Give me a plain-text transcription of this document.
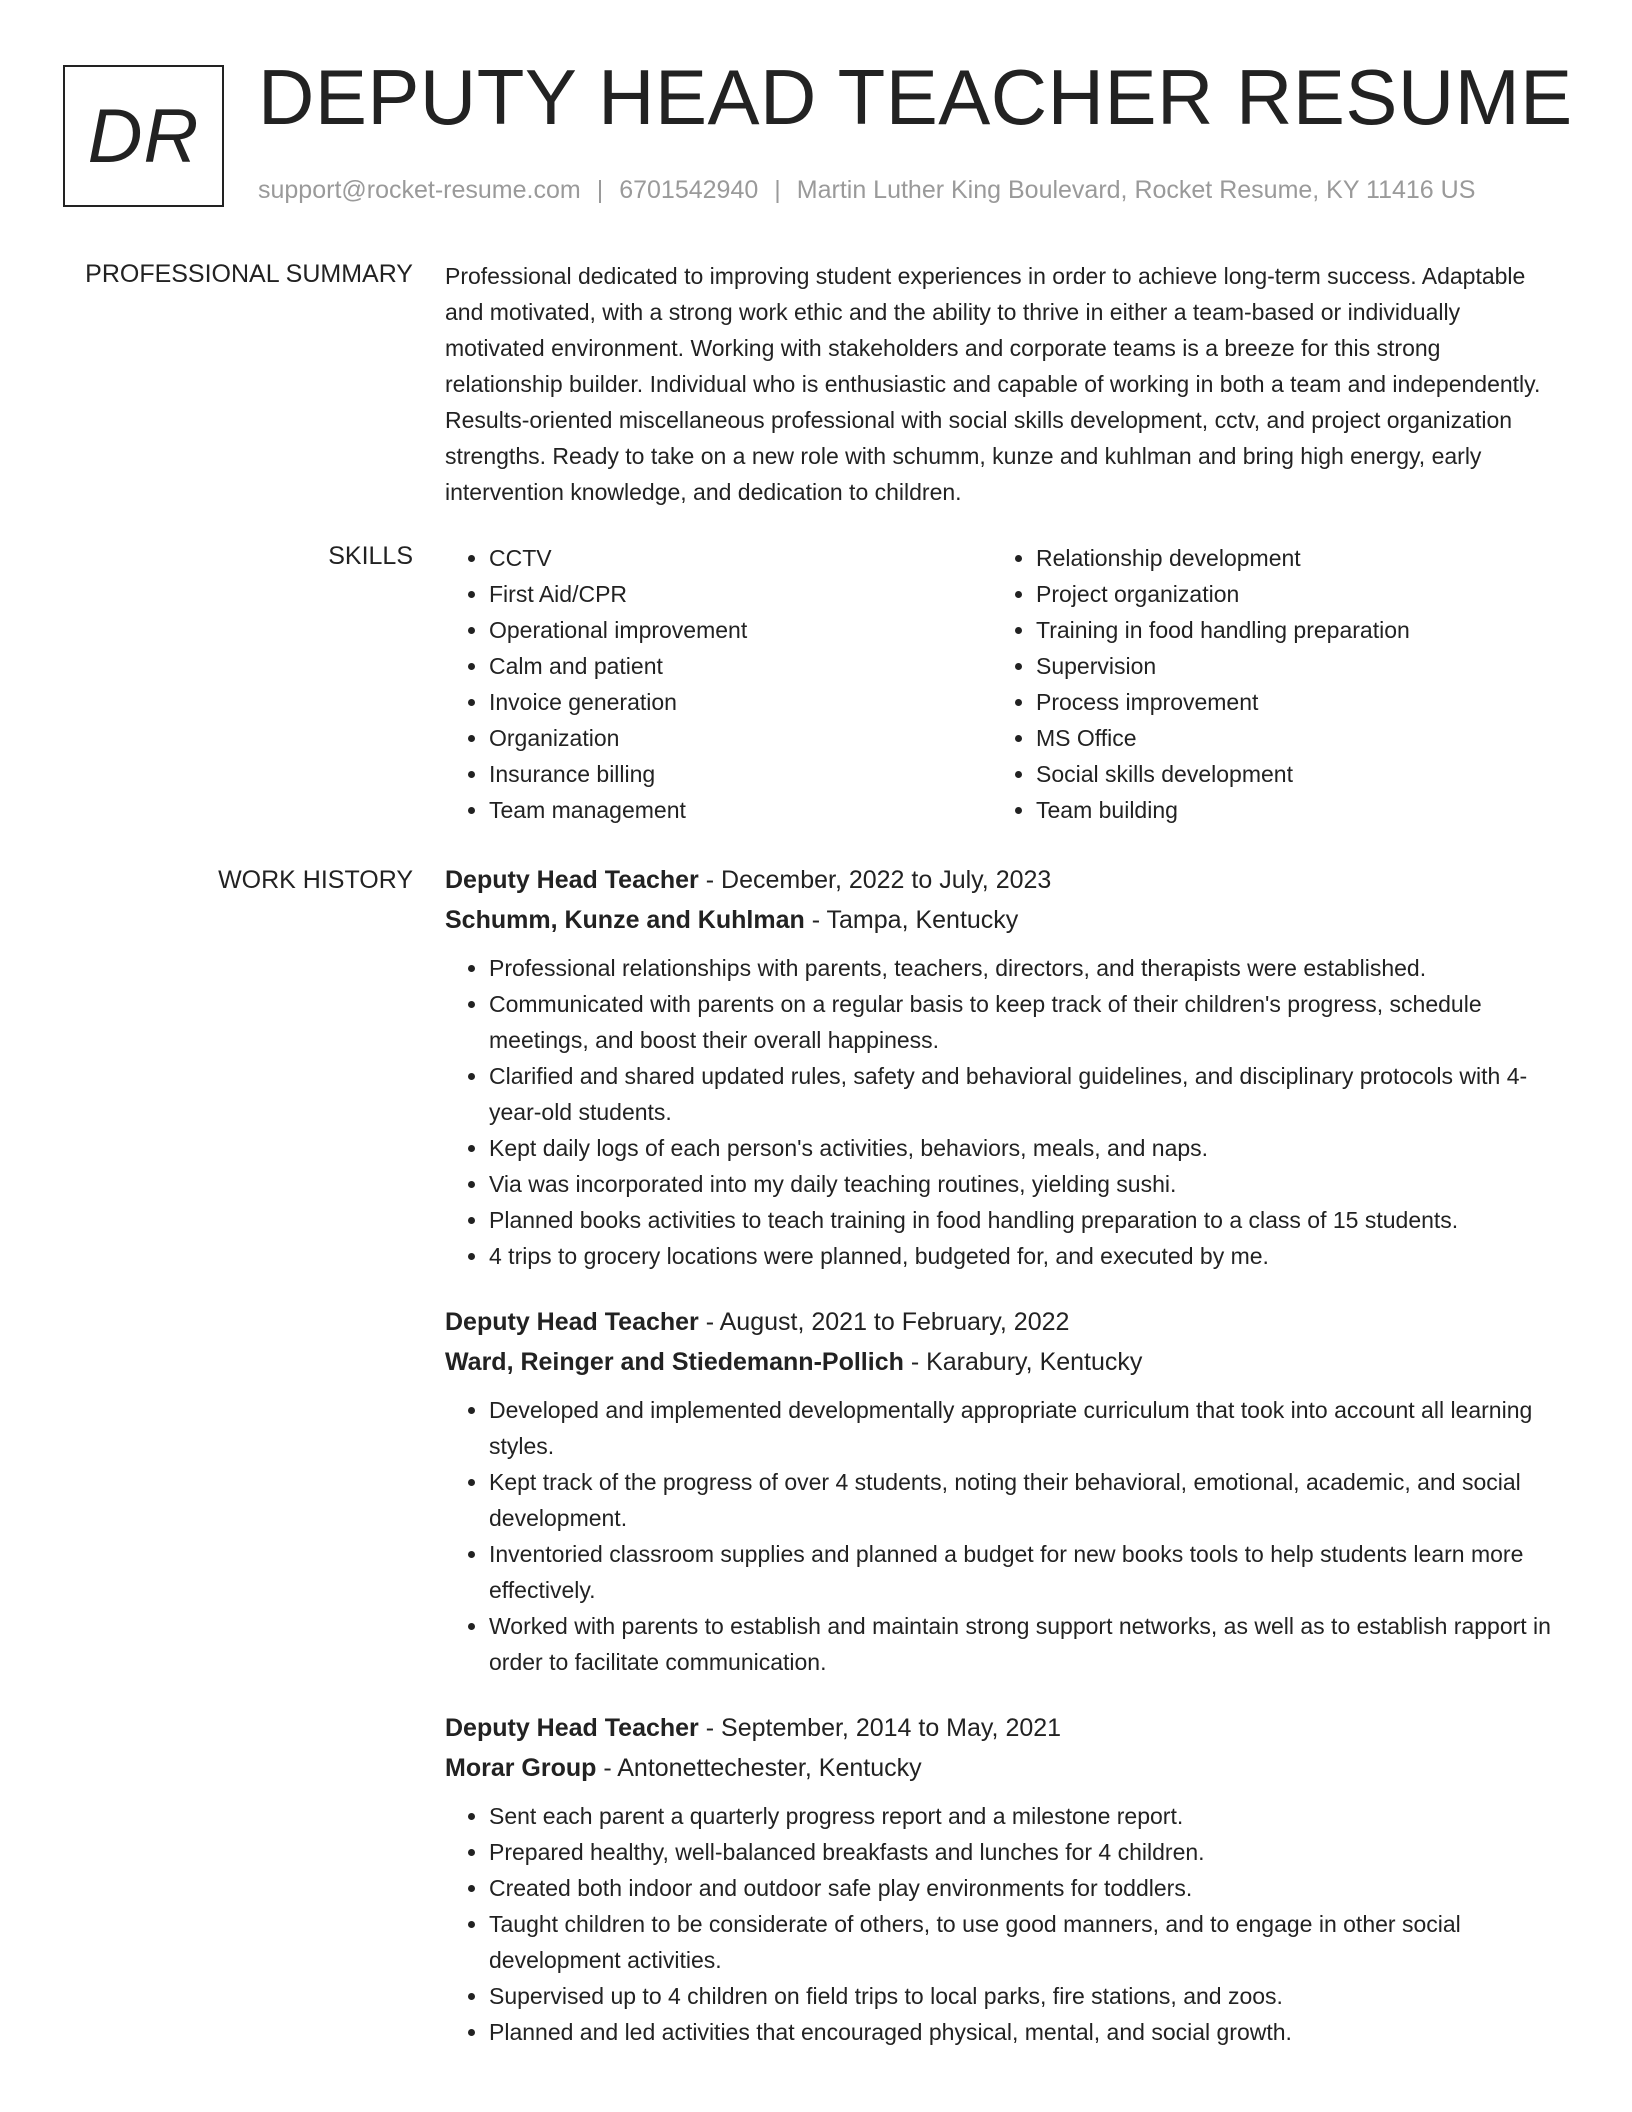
DR DEPUTY HEAD TEACHER RESUME
support@rocket-resume.com | 6701542940 | Martin Luther King Boulevard, Rocket Resume, KY 11416 US
PROFESSIONAL SUMMARY Professional dedicated to improving student experiences in order to achieve long-term success. Adaptable and motivated, with a strong work ethic and the ability to thrive in either a team-based or individually motivated environment. Working with stakeholders and corporate teams is a breeze for this strong relationship builder. Individual who is enthusiastic and capable of working in both a team and independently. Results-oriented miscellaneous professional with social skills development, cctv, and project organization strengths. Ready to take on a new role with schumm, kunze and kuhlman and bring high energy, early intervention knowledge, and dedication to children.

SKILLS
•	CCTV
• First Aid/CPR
• Operational improvement
• Calm and patient
• Invoice generation
• Organization
• Insurance billing
• Team management
• Relationship development
• Project organization
• Training in food handling preparation
• Supervision
• Process improvement
• MS Office
• Social skills development
• Team building
WORK HISTORY Deputy Head Teacher - December, 2022 to July, 2023
Schumm, Kunze and Kuhlman - Tampa, Kentucky
• Professional relationships with parents, teachers, directors, and therapists were established.
• Communicated with parents on a regular basis to keep track of their children's progress, schedule meetings, and boost their overall happiness.
• Clarified and shared updated rules, safety and behavioral guidelines, and disciplinary protocols with 4-year-old students.
• Kept daily logs of each person's activities, behaviors, meals, and naps.
• Via was incorporated into my daily teaching routines, yielding sushi.
• Planned books activities to teach training in food handling preparation to a class of 15 students.
• 4 trips to grocery locations were planned, budgeted for, and executed by me.
Deputy Head Teacher - August, 2021 to February, 2022
Ward, Reinger and Stiedemann-Pollich - Karabury, Kentucky
• Developed and implemented developmentally appropriate curriculum that took into account all learning styles.
• Kept track of the progress of over 4 students, noting their behavioral, emotional, academic, and social development.
• Inventoried classroom supplies and planned a budget for new books tools to help students learn more effectively.
• Worked with parents to establish and maintain strong support networks, as well as to establish rapport in order to facilitate communication.
Deputy Head Teacher - September, 2014 to May, 2021
Morar Group - Antonettechester, Kentucky
• Sent each parent a quarterly progress report and a milestone report.
• Prepared healthy, well-balanced breakfasts and lunches for 4 children.
• Created both indoor and outdoor safe play environments for toddlers.
• Taught children to be considerate of others, to use good manners, and to engage in other social development activities.
• Supervised up to 4 children on field trips to local parks, fire stations, and zoos.
• Planned and led activities that encouraged physical, mental, and social growth.
